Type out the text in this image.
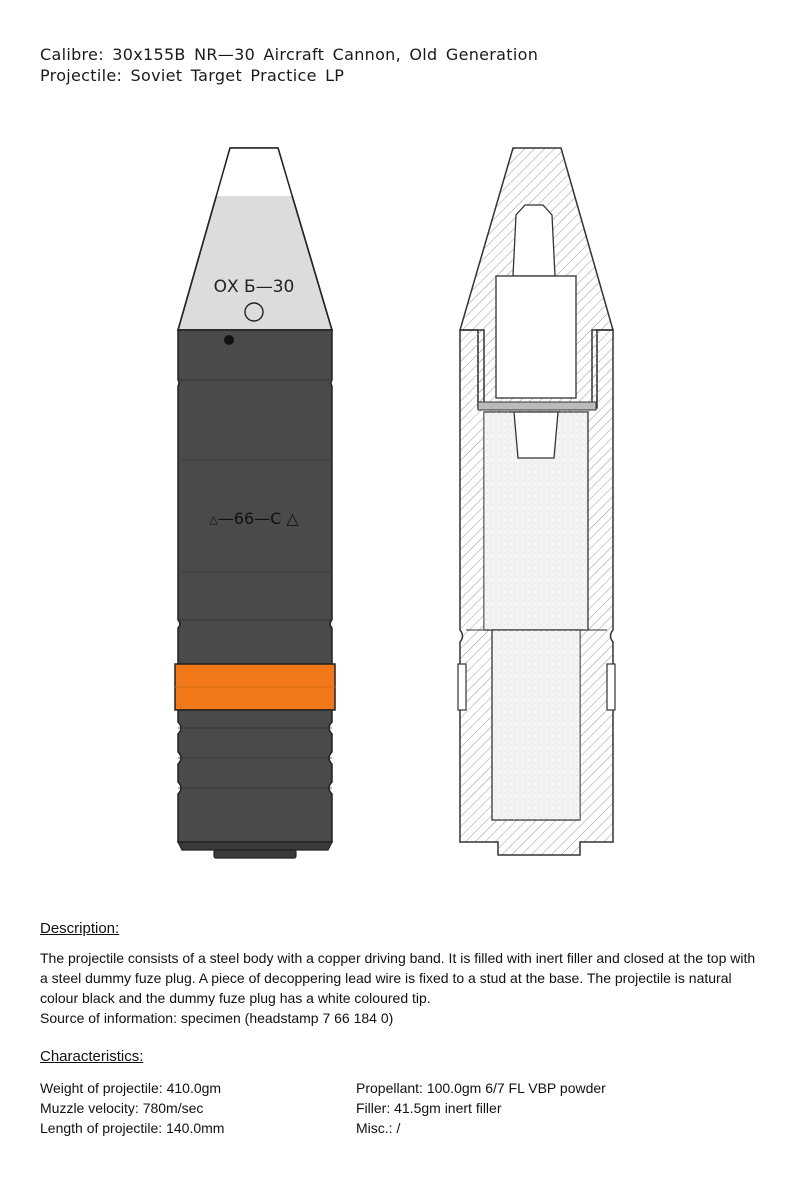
Calibre: 30x155B NR—30 Aircraft Cannon, Old Generation
Projectile: Soviet Target Practice LP
ОХ Б—30
△—66—С △
Description:
The projectile consists of a steel body with a copper driving band. It is filled with inert filler and closed at the top with a steel dummy fuze plug. A piece of decoppering lead wire is fixed to a stud at the base. The projectile is natural colour black and the dummy fuze plug has a white coloured tip.
Source of information: specimen (headstamp 7 66 184 0)
Characteristics:
Weight of projectile: 410.0gm
Muzzle velocity: 780m/sec
Length of projectile: 140.0mm
Propellant: 100.0gm 6/7 FL VBP powder
Filler: 41.5gm inert filler
Misc.: /
